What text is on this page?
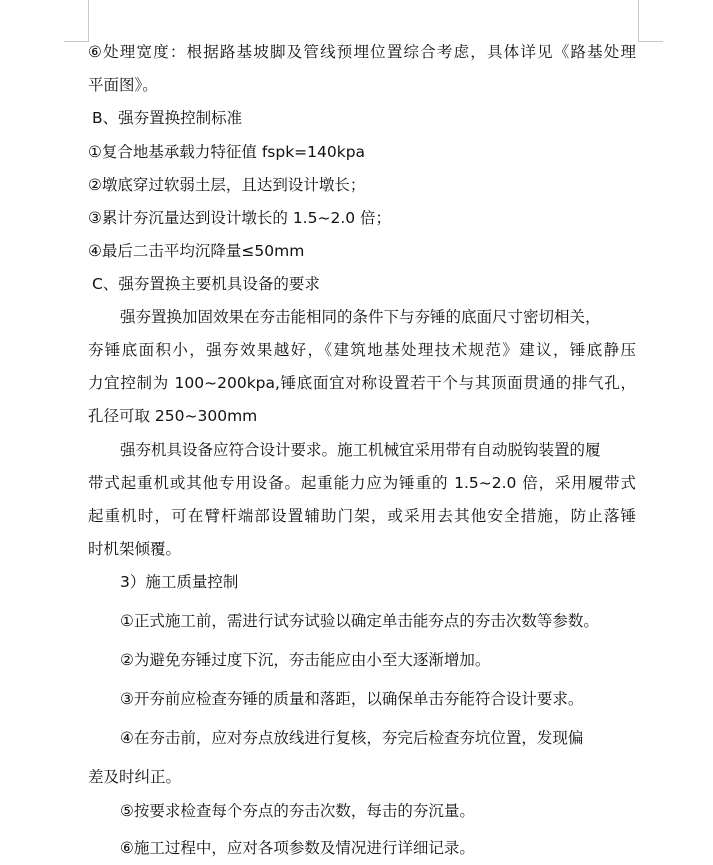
⑥处理宽度：根据路基坡脚及管线预埋位置综合考虑，具体详见《路基处理
平面图》。
B、强夯置换控制标准
①复合地基承载力特征值 fspk=140kpa
②墩底穿过软弱土层，且达到设计墩长；
③累计夯沉量达到设计墩长的 1.5~2.0 倍；
④最后二击平均沉降量≤50mm
C、强夯置换主要机具设备的要求
强夯置换加固效果在夯击能相同的条件下与夯锤的底面尺寸密切相关，
夯锤底面积小，强夯效果越好，《建筑地基处理技术规范》建议，锤底静压
力宜控制为 100~200kpa,锤底面宜对称设置若干个与其顶面贯通的排气孔，
孔径可取 250~300mm
强夯机具设备应符合设计要求。施工机械宜采用带有自动脱钩装置的履
带式起重机或其他专用设备。起重能力应为锤重的 1.5~2.0 倍，采用履带式
起重机时，可在臂杆端部设置辅助门架，或采用去其他安全措施，防止落锤
时机架倾覆。
3）施工质量控制
①正式施工前，需进行试夯试验以确定单击能夯点的夯击次数等参数。
②为避免夯锤过度下沉，夯击能应由小至大逐渐增加。
③开夯前应检查夯锤的质量和落距，以确保单击夯能符合设计要求。
④在夯击前，应对夯点放线进行复核，夯完后检查夯坑位置，发现偏
差及时纠正。
⑤按要求检查每个夯点的夯击次数，每击的夯沉量。
⑥施工过程中，应对各项参数及情况进行详细记录。
